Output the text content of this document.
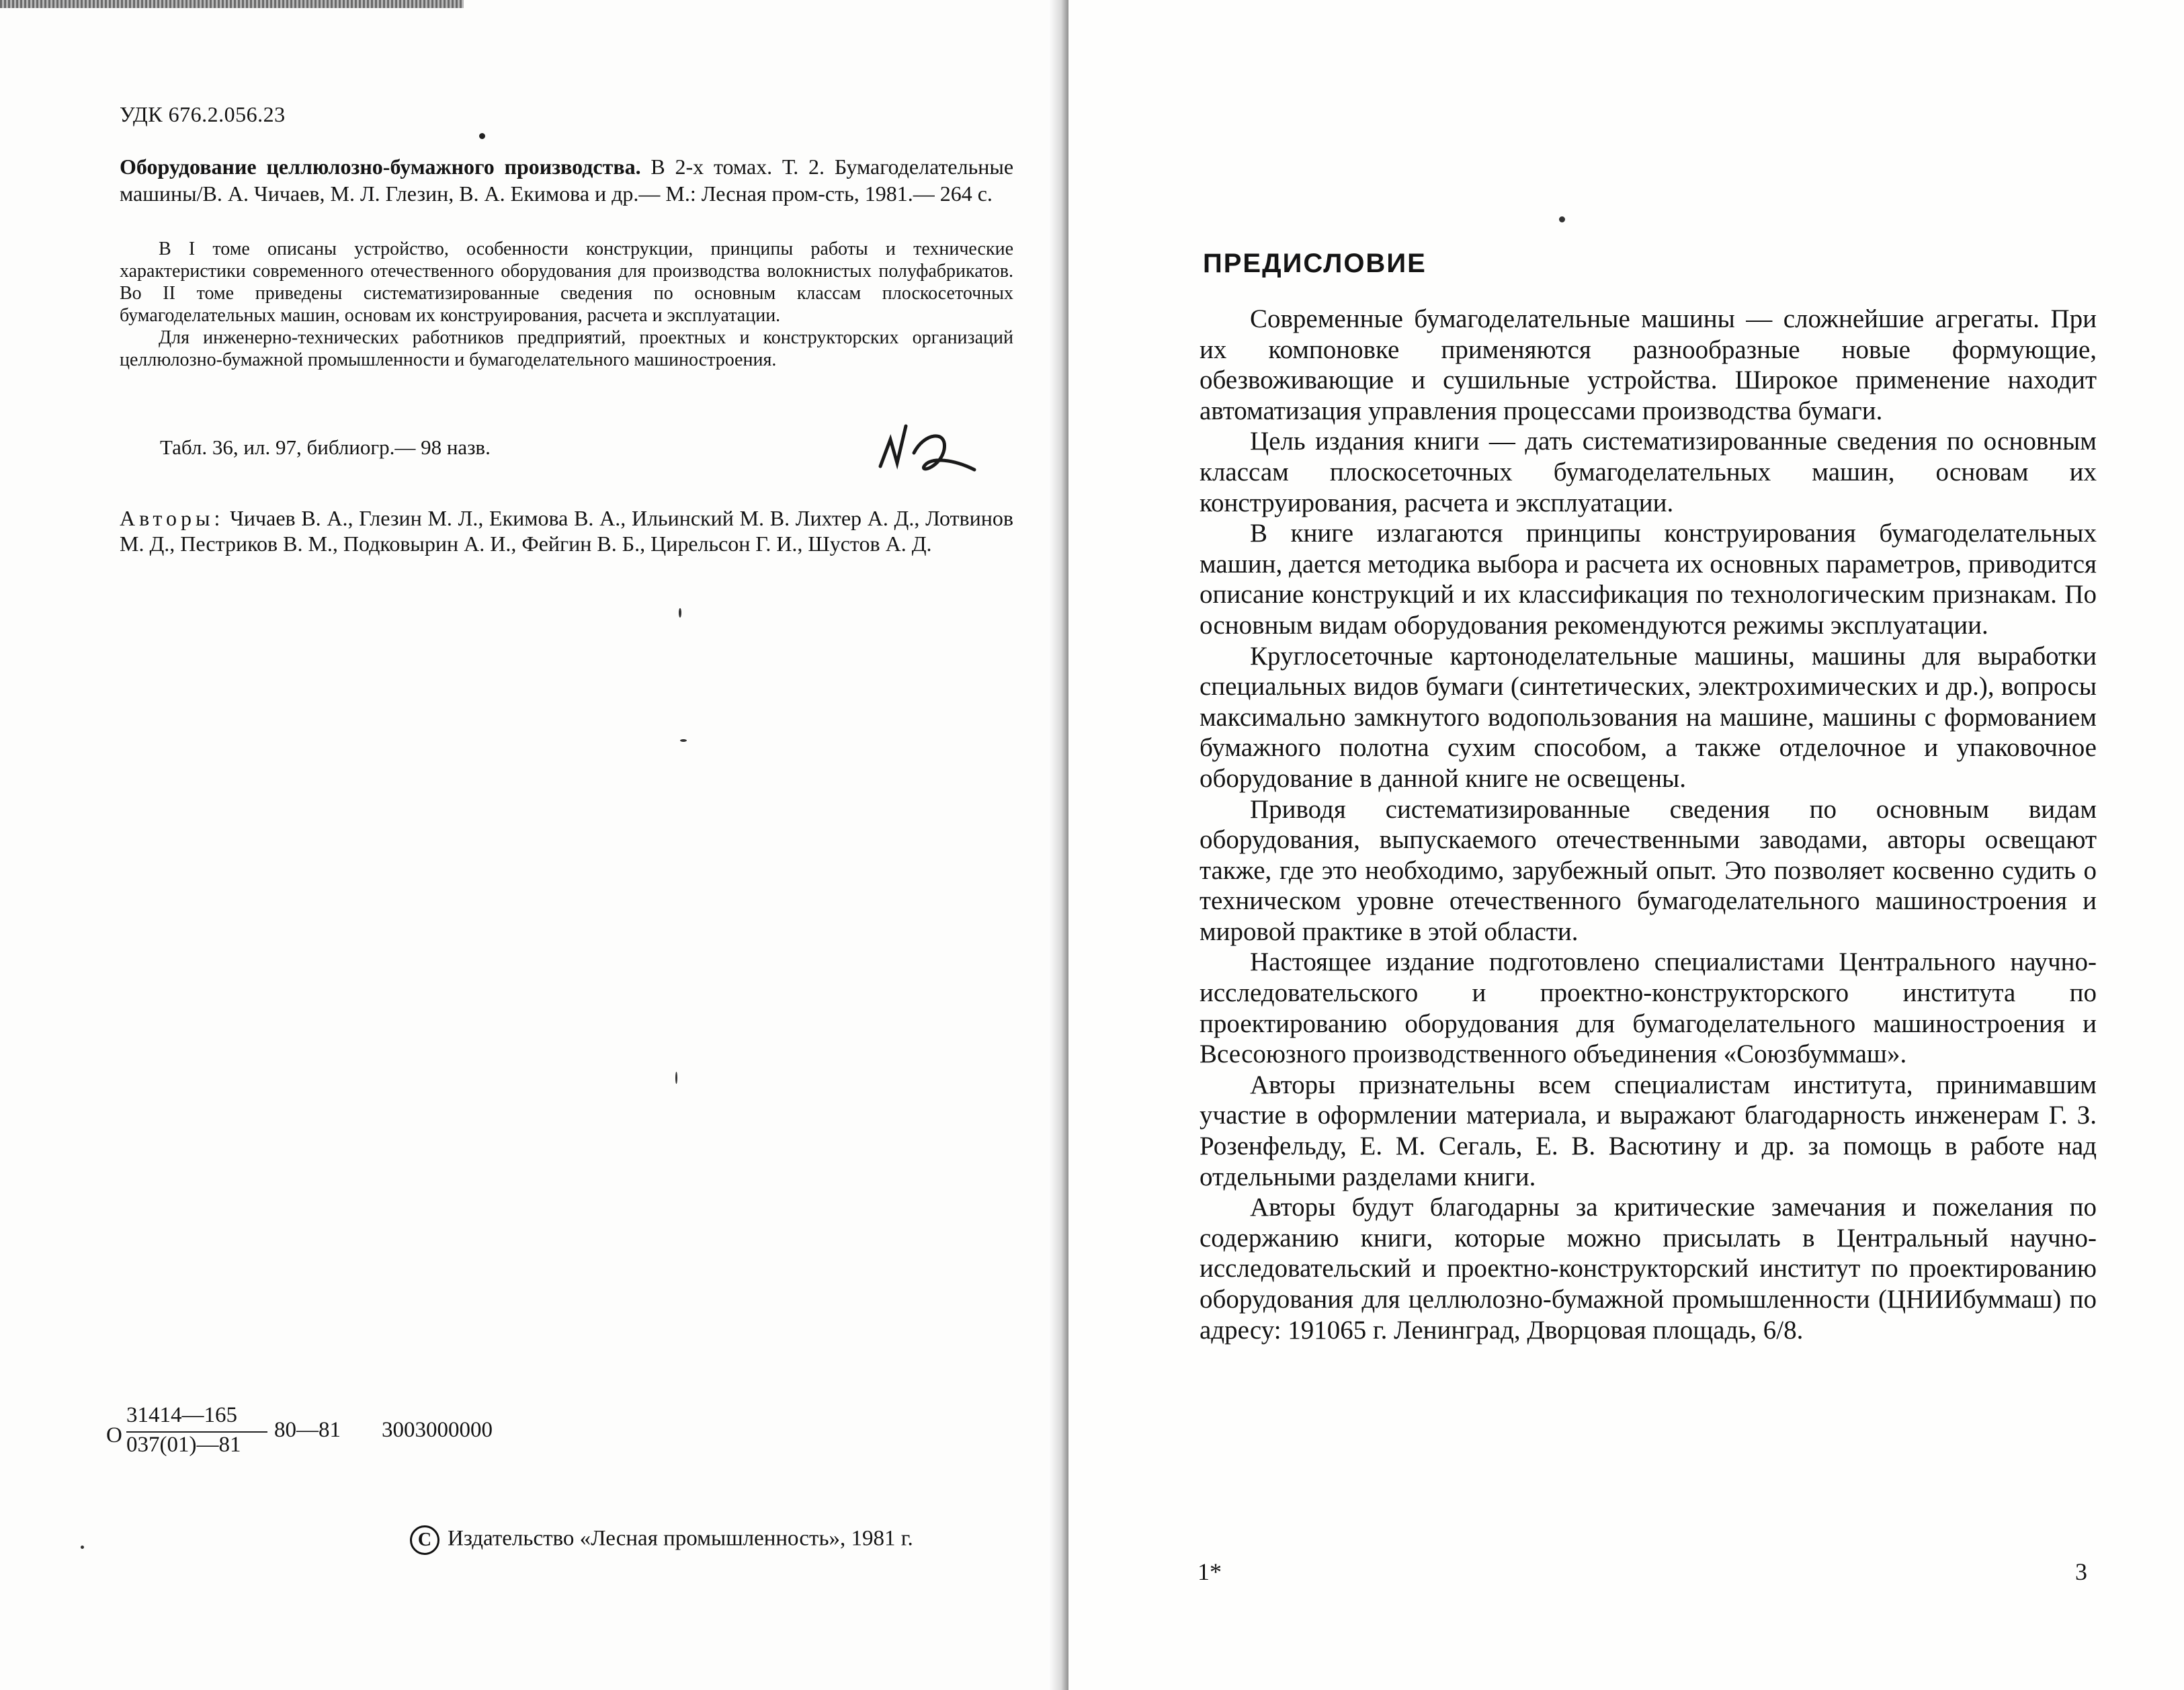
УДК 676.2.056.23
Оборудование целлюлозно-бумажного производства. В 2-х томах. Т. 2. Бумагоделательные машины/В. А. Чичаев, М. Л. Глезин, В. А. Екимова и др.— М.: Лесная пром-сть, 1981.— 264 с.

В I томе описаны устройство, особенности конструкции, принципы работы и технические характеристики современного отечественного оборудования для производства волокнистых полуфабрикатов. Во II томе приведены систематизированные сведения по основным классам плоскосеточных бумагоделательных машин, основам их конструирования, расчета и эксплуатации.

Для инженерно-технических работников предприятий, проектных и конструкторских организаций целлюлозно-бумажной промышленности и бумагоделательного машиностроения.

Табл. 36, ил. 97, библиогр.— 98 назв.
Авторы: Чичаев В. А., Глезин М. Л., Екимова В. А., Ильинский М. В. Лихтер А. Д., Лотвинов М. Д., Пестриков В. М., Подковырин А. И., Фейгин В. Б., Цирельсон Г. И., Шустов А. Д.
О
31414—165
037(01)—81
80—81 3003000000
С Издательство «Лесная промышленность», 1981 г.
ПРЕДИСЛОВИЕ

Современные бумагоделательные машины — сложнейшие агрегаты. При их компоновке применяются разнообразные новые формующие, обезвоживающие и сушильные устройства. Широкое применение находит автоматизация управления процессами производства бумаги.

Цель издания книги — дать систематизированные сведения по основным классам плоскосеточных бумагоделательных машин, основам их конструирования, расчета и эксплуатации.

В книге излагаются принципы конструирования бумагоделательных машин, дается методика выбора и расчета их основных параметров, приводится описание конструкций и их классификация по технологическим признакам. По основным видам оборудования рекомендуются режимы эксплуатации.

Круглосеточные картоноделательные машины, машины для выработки специальных видов бумаги (синтетических, электрохимических и др.), вопросы максимально замкнутого водопользования на машине, машины с формованием бумажного полотна сухим способом, а также отделочное и упаковочное оборудование в данной книге не освещены.

Приводя систематизированные сведения по основным видам оборудования, выпускаемого отечественными заводами, авторы освещают также, где это необходимо, зарубежный опыт. Это позволяет косвенно судить о техническом уровне отечественного бумагоделательного машиностроения и мировой практике в этой области.

Настоящее издание подготовлено специалистами Центрального научно-исследовательского и проектно-конструкторского института по проектированию оборудования для бумагоделательного машиностроения и Всесоюзного производственного объединения «Союзбуммаш».

Авторы признательны всем специалистам института, принимавшим участие в оформлении материала, и выражают благодарность инженерам Г. З. Розенфельду, Е. М. Сегаль, Е. В. Васютину и др. за помощь в работе над отдельными разделами книги.

Авторы будут благодарны за критические замечания и пожелания по содержанию книги, которые можно присылать в Центральный научно-исследовательский и проектно-конструкторский институт по проектированию оборудования для целлюлозно-бумажной промышленности (ЦНИИбуммаш) по адресу: 191065 г. Ленинград, Дворцовая площадь, 6/8.

1*	3
